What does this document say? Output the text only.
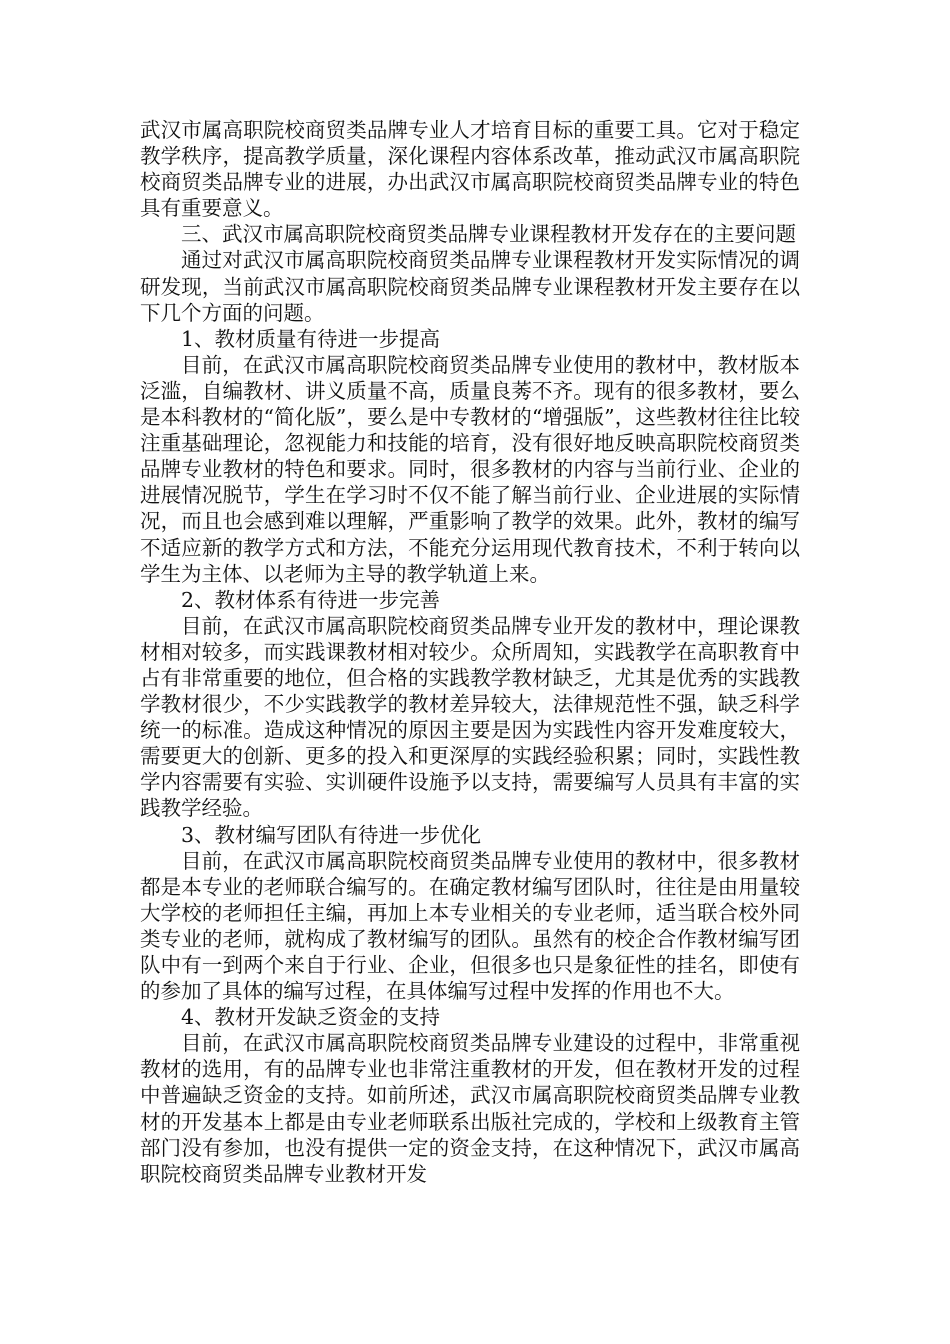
武汉市属高职院校商贸类品牌专业人才培育目标的重要工具。它对于稳定教学秩序，提高教学质量，深化课程内容体系改革，推动武汉市属高职院校商贸类品牌专业的进展，办出武汉市属高职院校商贸类品牌专业的特色具有重要意义。

三、武汉市属高职院校商贸类品牌专业课程教材开发存在的主要问题

通过对武汉市属高职院校商贸类品牌专业课程教材开发实际情况的调研发现，当前武汉市属高职院校商贸类品牌专业课程教材开发主要存在以下几个方面的问题。

1、教材质量有待进一步提高

目前，在武汉市属高职院校商贸类品牌专业使用的教材中，教材版本泛滥，自编教材、讲义质量不高，质量良莠不齐。现有的很多教材，要么是本科教材的“简化版”，要么是中专教材的“增强版”，这些教材往往比较注重基础理论，忽视能力和技能的培育，没有很好地反映高职院校商贸类品牌专业教材的特色和要求。同时，很多教材的内容与当前行业、企业的进展情况脱节，学生在学习时不仅不能了解当前行业、企业进展的实际情况，而且也会感到难以理解，严重影响了教学的效果。此外，教材的编写不适应新的教学方式和方法，不能充分运用现代教育技术，不利于转向以学生为主体、以老师为主导的教学轨道上来。

2、教材体系有待进一步完善

目前，在武汉市属高职院校商贸类品牌专业开发的教材中，理论课教材相对较多，而实践课教材相对较少。众所周知，实践教学在高职教育中占有非常重要的地位，但合格的实践教学教材缺乏，尤其是优秀的实践教学教材很少，不少实践教学的教材差异较大，法律规范性不强，缺乏科学统一的标准。造成这种情况的原因主要是因为实践性内容开发难度较大，需要更大的创新、更多的投入和更深厚的实践经验积累；同时，实践性教学内容需要有实验、实训硬件设施予以支持，需要编写人员具有丰富的实践教学经验。

3、教材编写团队有待进一步优化

目前，在武汉市属高职院校商贸类品牌专业使用的教材中，很多教材都是本专业的老师联合编写的。在确定教材编写团队时，往往是由用量较大学校的老师担任主编，再加上本专业相关的专业老师，适当联合校外同类专业的老师，就构成了教材编写的团队。虽然有的校企合作教材编写团队中有一到两个来自于行业、企业，但很多也只是象征性的挂名，即使有的参加了具体的编写过程，在具体编写过程中发挥的作用也不大。

4、教材开发缺乏资金的支持

目前，在武汉市属高职院校商贸类品牌专业建设的过程中，非常重视教材的选用，有的品牌专业也非常注重教材的开发，但在教材开发的过程中普遍缺乏资金的支持。如前所述，武汉市属高职院校商贸类品牌专业教材的开发基本上都是由专业老师联系出版社完成的，学校和上级教育主管部门没有参加，也没有提供一定的资金支持，在这种情况下，武汉市属高职院校商贸类品牌专业教材开发
